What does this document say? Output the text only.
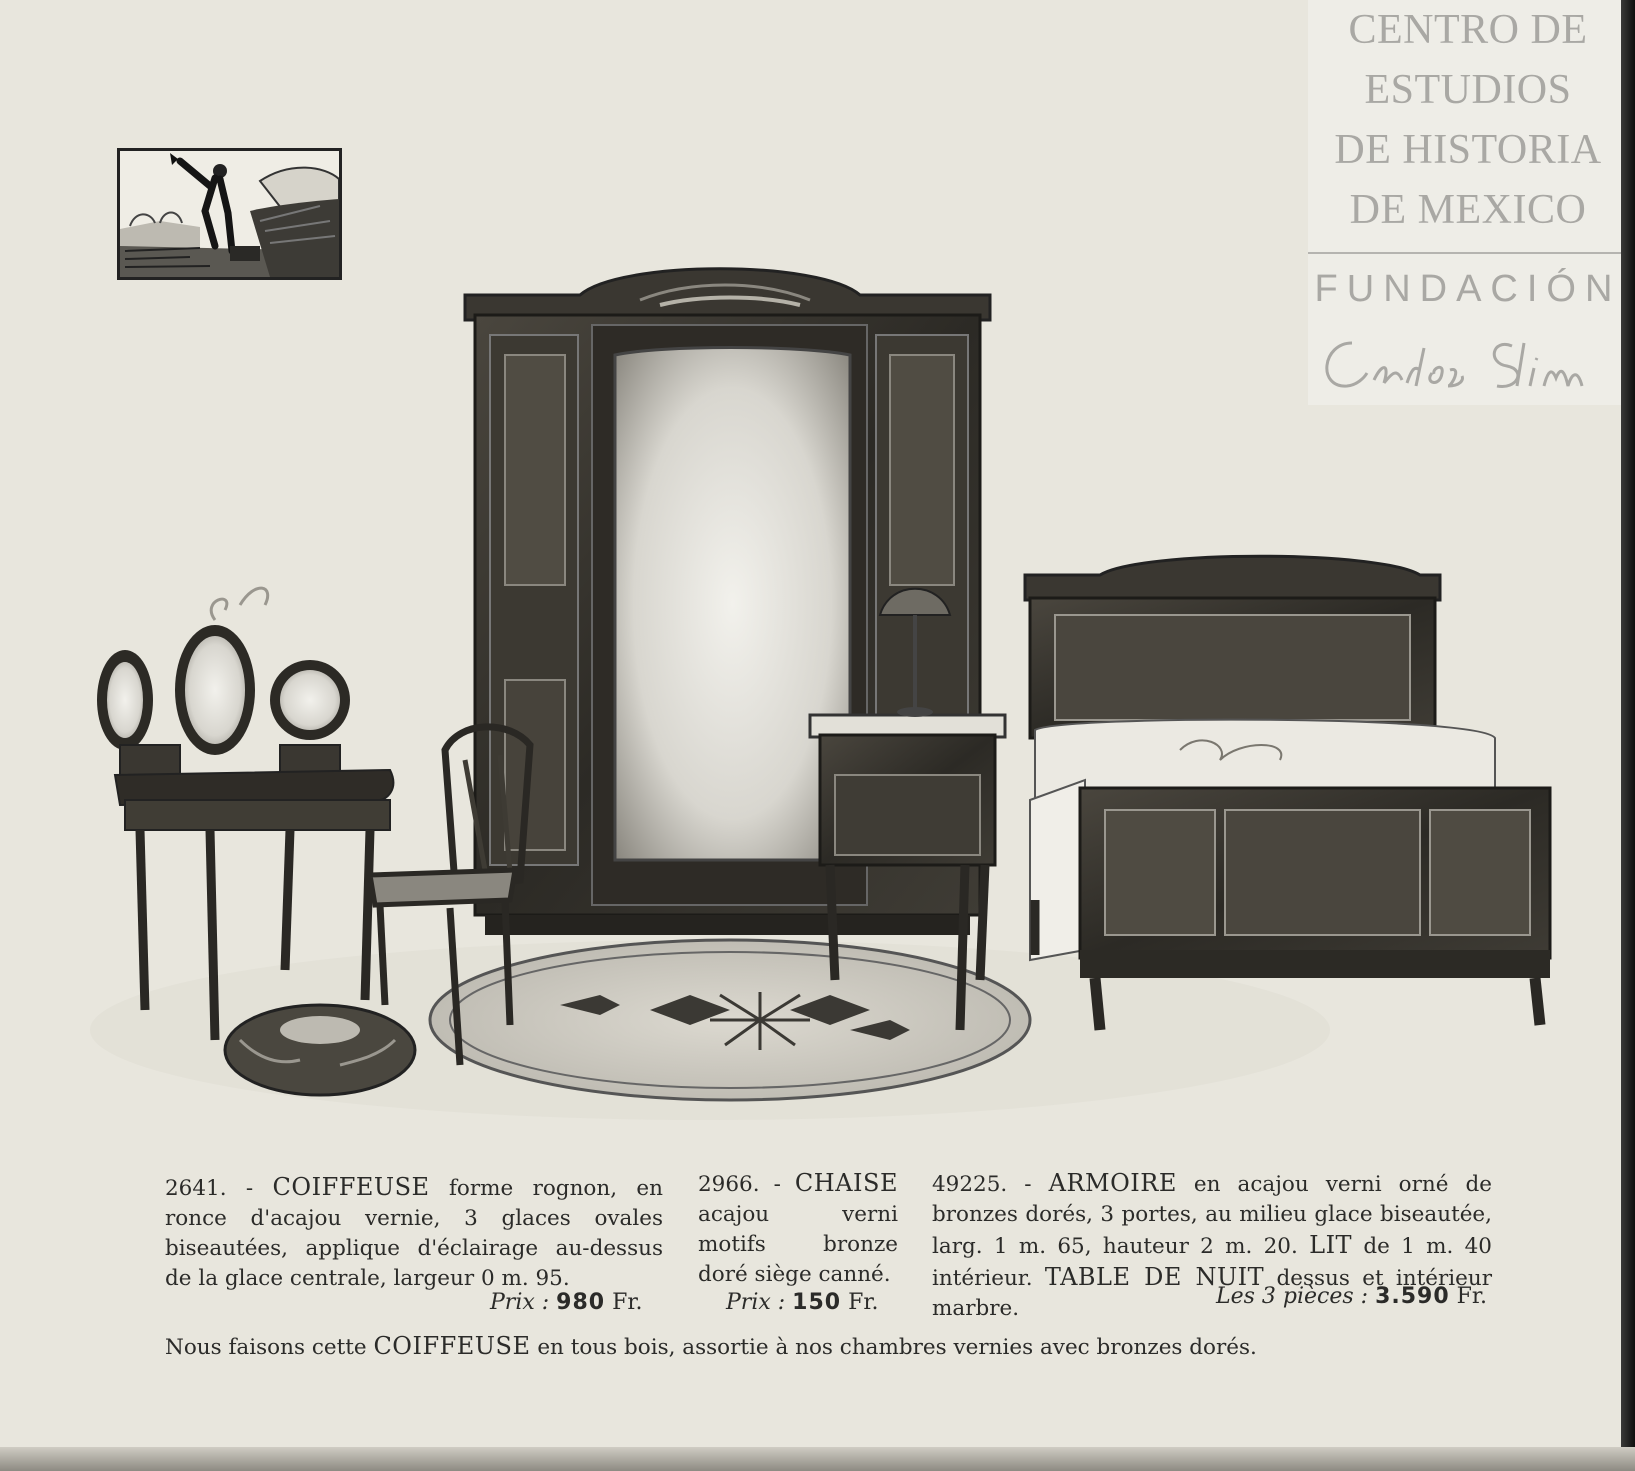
CENTRO DE
ESTUDIOS
DE HISTORIA
DE MEXICO
FUNDACIÓN
2641. - COIFFEUSE forme rognon, en ronce d'acajou vernie, 3 glaces ovales biseautées, applique d'éclairage au-dessus de la glace centrale, largeur 0 m. 95.
Prix : 980 Fr.
2966. - CHAISE acajou verni motifs bronze doré siège canné.
Prix : 150 Fr.
49225. - ARMOIRE en acajou verni orné de bronzes dorés, 3 portes, au milieu glace biseautée, larg. 1 m. 65, hauteur 2 m. 20. LIT de 1 m. 40 intérieur. TABLE DE NUIT dessus et intérieur marbre.	Les 3 pièces : 3.590 Fr.
Nous faisons cette COIFFEUSE en tous bois, assortie à nos chambres vernies avec bronzes dorés.
